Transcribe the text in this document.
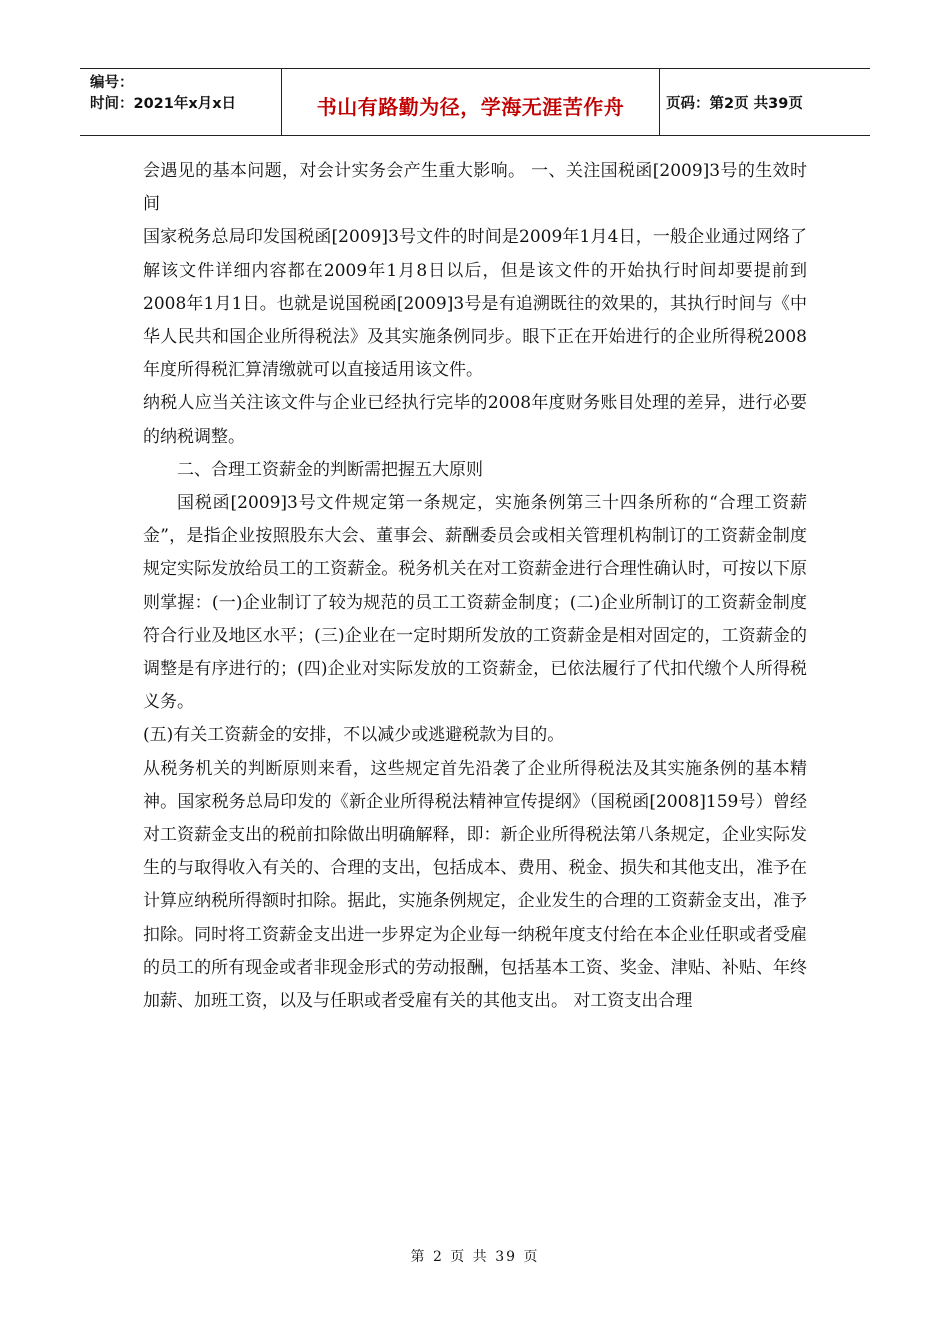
编号：
时间：2021年x月x日	书山有路勤为径，学海无涯苦作舟	页码：第2页 共39页

会遇见的基本问题，对会计实务会产生重大影响。 一、关注国税函[2009]3号的生效时间

国家税务总局印发国税函[2009]3号文件的时间是2009年1月4日，一般企业通过网络了解该文件详细内容都在2009年1月8日以后，但是该文件的开始执行时间却要提前到2008年1月1日。也就是说国税函[2009]3号是有追溯既往的效果的，其执行时间与《中华人民共和国企业所得税法》及其实施条例同步。眼下正在开始进行的企业所得税2008年度所得税汇算清缴就可以直接适用该文件。

纳税人应当关注该文件与企业已经执行完毕的2008年度财务账目处理的差异，进行必要的纳税调整。

二、合理工资薪金的判断需把握五大原则

国税函[2009]3号文件规定第一条规定，实施条例第三十四条所称的“合理工资薪金”，是指企业按照股东大会、董事会、薪酬委员会或相关管理机构制订的工资薪金制度规定实际发放给员工的工资薪金。税务机关在对工资薪金进行合理性确认时，可按以下原则掌握：(一)企业制订了较为规范的员工工资薪金制度；(二)企业所制订的工资薪金制度符合行业及地区水平；(三)企业在一定时期所发放的工资薪金是相对固定的，工资薪金的调整是有序进行的；(四)企业对实际发放的工资薪金，已依法履行了代扣代缴个人所得税义务。

(五)有关工资薪金的安排，不以减少或逃避税款为目的。

从税务机关的判断原则来看，这些规定首先沿袭了企业所得税法及其实施条例的基本精神。国家税务总局印发的《新企业所得税法精神宣传提纲》（国税函[2008]159号）曾经对工资薪金支出的税前扣除做出明确解释，即：新企业所得税法第八条规定，企业实际发生的与取得收入有关的、合理的支出，包括成本、费用、税金、损失和其他支出，准予在计算应纳税所得额时扣除。据此，实施条例规定，企业发生的合理的工资薪金支出，准予扣除。同时将工资薪金支出进一步界定为企业每一纳税年度支付给在本企业任职或者受雇的员工的所有现金或者非现金形式的劳动报酬，包括基本工资、奖金、津贴、补贴、年终加薪、加班工资，以及与任职或者受雇有关的其他支出。 对工资支出合理

第 2 页 共 39 页
